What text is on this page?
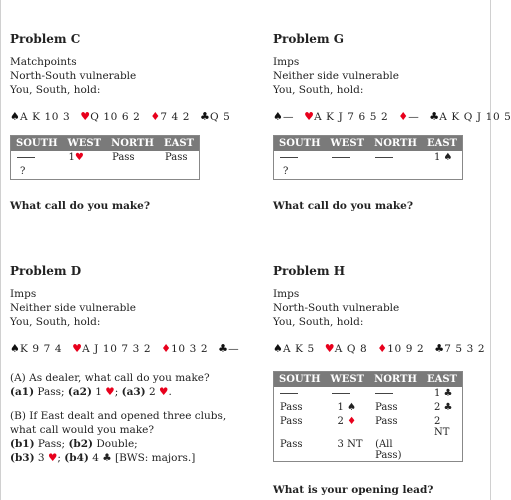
Problem C
Matchpoints
North-South vulnerable
You, South, hold:
♠A K 10 3 ♥Q 10 6 2 ♦7 4 2 ♣Q 5
SOUTH	WEST	NORTH	EAST
	1♥	Pass	Pass
?			
What call do you make?
Problem G
Imps
Neither side vulnerable
You, South, hold:
♠— ♥A K J 7 6 5 2 ♦— ♣A K Q J 10 5
SOUTH	WEST	NORTH	EAST
			1 ♠
?			
What call do you make?
Problem D
Imps
Neither side vulnerable
You, South, hold:
♠K 9 7 4 ♥A J 10 7 3 2 ♦10 3 2 ♣—
(A) As dealer, what call do you make?
(a1) Pass; (a2) 1 ♥; (a3) 2 ♥.
(B) If East dealt and opened three clubs,
what call would you make?
(b1) Pass; (b2) Double;
(b3) 3 ♥; (b4) 4 ♣ [BWS: majors.]
Problem H
Imps
North-South vulnerable
You, South, hold:
♠A K 5 ♥A Q 8 ♦10 9 2 ♣7 5 3 2
SOUTH	WEST	NORTH	EAST
			1 ♣
Pass	1 ♠	Pass	2 ♣
Pass	2 ♦	Pass	2 NT
Pass	3 NT	(All Pass)	
What is your opening lead?
